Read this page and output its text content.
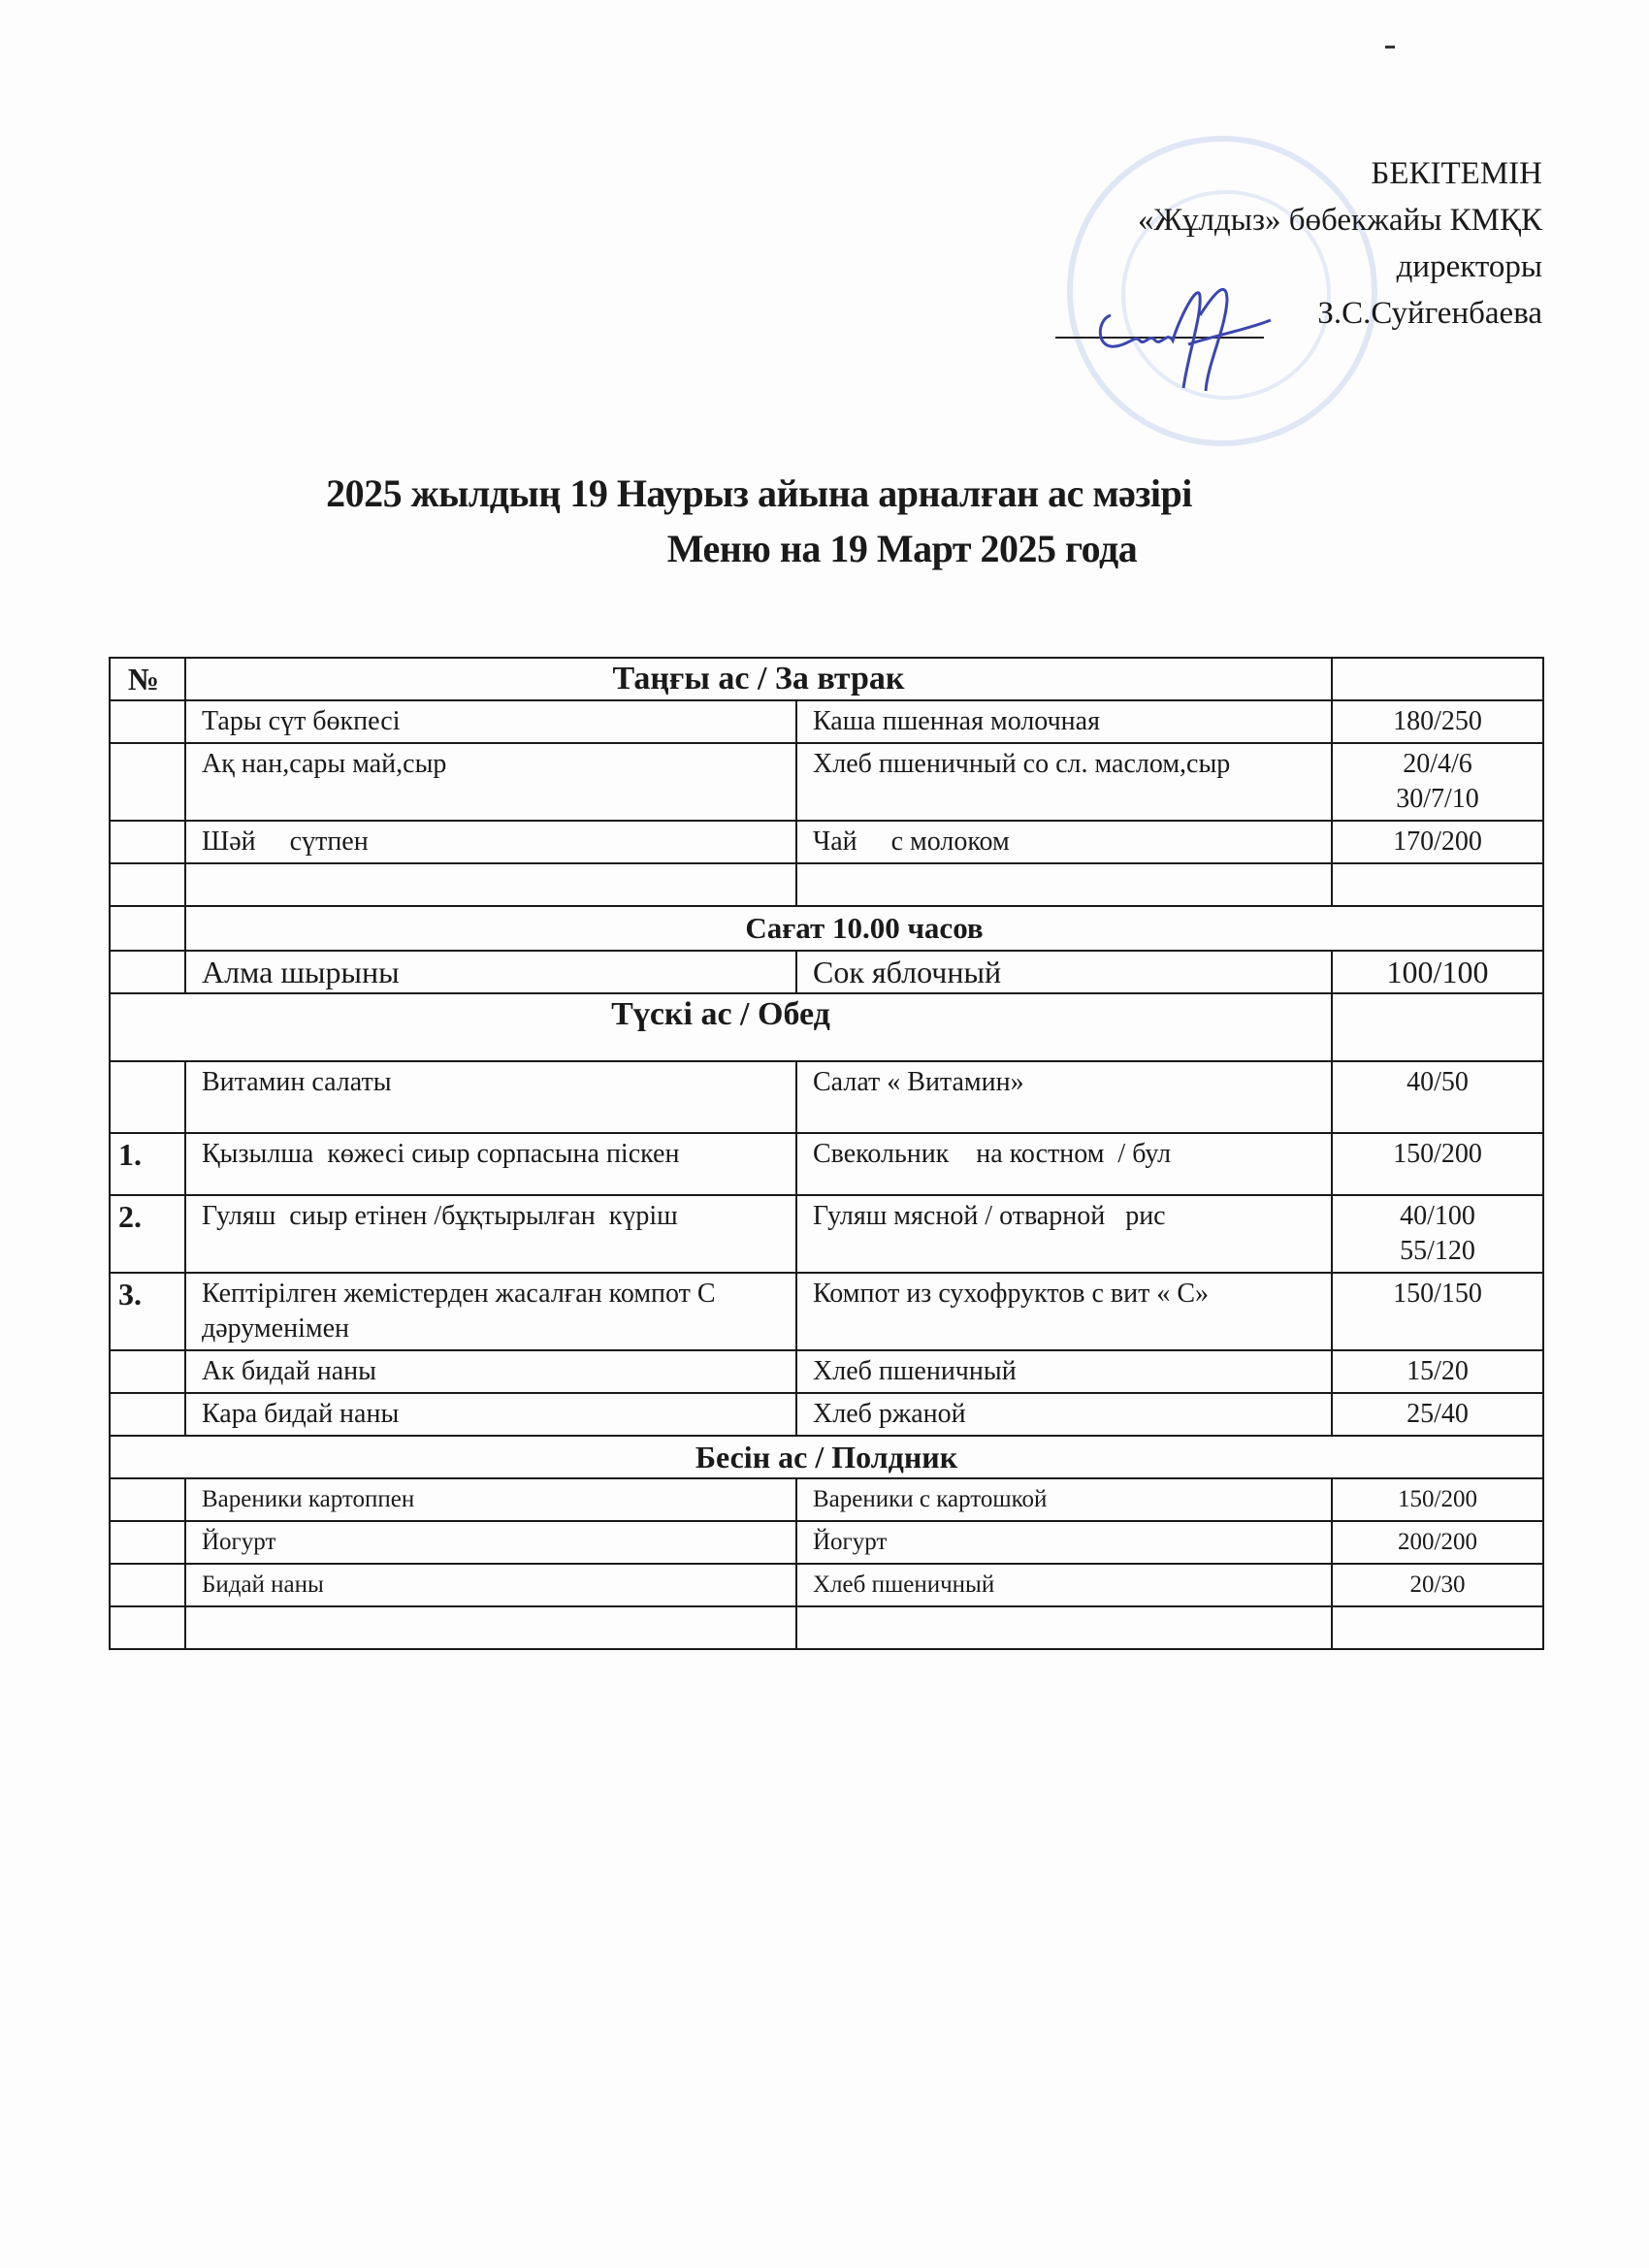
БЕКІТЕМІН
«Жұлдыз» бөбекжайы КМҚК
директоры
З.С.Суйгенбаева
2025 жылдың 19 Наурыз айына арналған ас мәзірі
Меню на 19 Март 2025 года
№	Таңғы ас / За втрак		
	Тары сүт бөкпесі	Каша пшенная молочная	180/250
	Ақ нан,сары май,сыр	Хлеб пшеничный со сл. маслом,сыр	20/4/6
30/7/10

	Шәй     сүтпен	Чай     с молоком	170/200

	Сағат 10.00 часов		
	Алма шырыны	Сок яблочный	100/100
Түскі ас / Обед			
	Витамин салаты	Салат « Витамин»	40/50
1.	Қызылша  көжесі сиыр сорпасына піскен	Свекольник    на костном  / бул	150/200
2.	Гуляш  сиыр етінен /бұқтырылған  күріш	Гуляш мясной / отварной   рис	40/100
55/120

3.	Кептірілген жемістерден жасалған компот С дәруменімен	Компот из сухофруктов с вит « С»	150/150
	Ак бидай наны	Хлеб пшеничный	15/20
	Кара бидай наны	Хлеб ржаной	25/40
Бесін ас / Полдник			
	Вареники картоппен	Вареники с картошкой	150/200
	Йогурт	Йогурт	200/200
	Бидай наны	Хлеб пшеничный	20/30
